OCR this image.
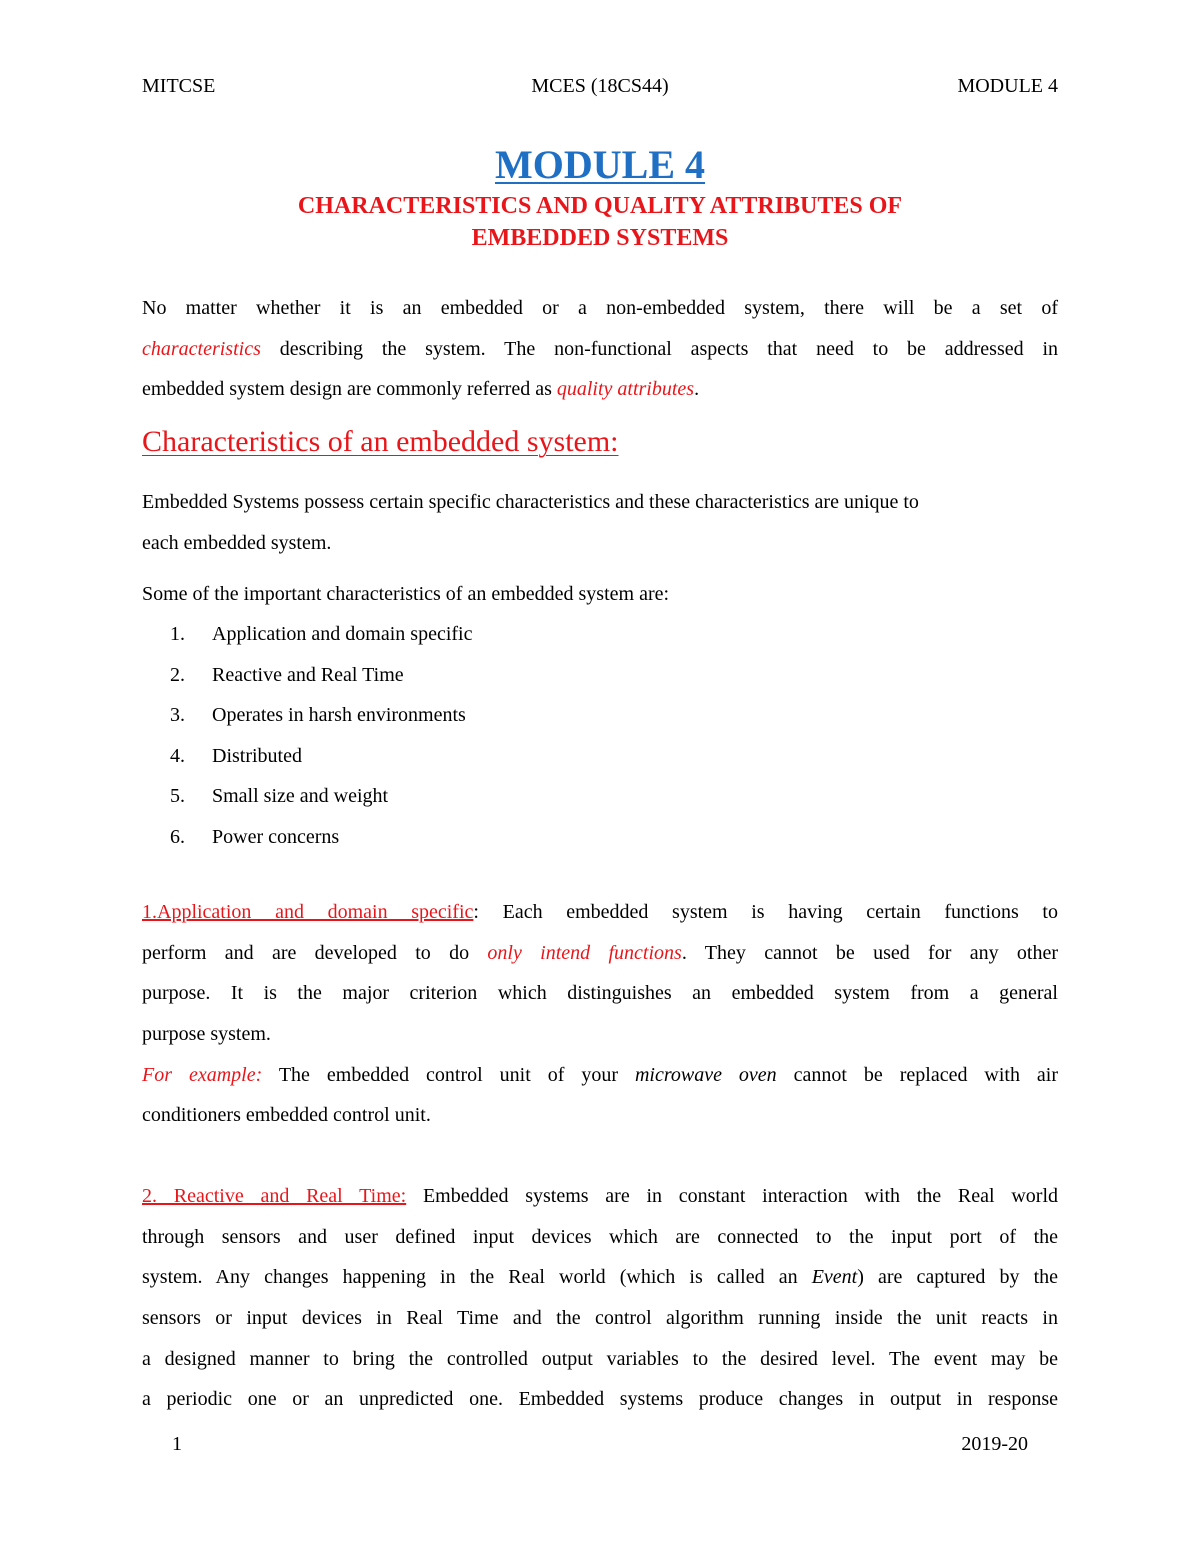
MITCSE	MCES (18CS44)	MODULE 4
MODULE 4
CHARACTERISTICS AND QUALITY ATTRIBUTES OF
EMBEDDED SYSTEMS
No matter whether it is an embedded or a non-embedded system, there will be a set of
characteristics describing the system. The non-functional aspects that need to be addressed in
embedded system design are commonly referred as quality attributes.
Characteristics of an embedded system:
Embedded Systems possess certain specific characteristics and these characteristics are unique to
each embedded system.
Some of the important characteristics of an embedded system are:
1. Application and domain specific
2. Reactive and Real Time
3. Operates in harsh environments
4. Distributed
5. Small size and weight
6. Power concerns
1.Application and domain specific: Each embedded system is having certain functions to
perform and are developed to do only intend functions. They cannot be used for any other
purpose. It is the major criterion which distinguishes an embedded system from a general
purpose system.
For example: The embedded control unit of your microwave oven cannot be replaced with air
conditioners embedded control unit.
2. Reactive and Real Time: Embedded systems are in constant interaction with the Real world
through sensors and user defined input devices which are connected to the input port of the
system. Any changes happening in the Real world (which is called an Event) are captured by the
sensors or input devices in Real Time and the control algorithm running inside the unit reacts in
a designed manner to bring the controlled output variables to the desired level. The event may be
a periodic one or an unpredicted one. Embedded systems produce changes in output in response
1	2019-20
